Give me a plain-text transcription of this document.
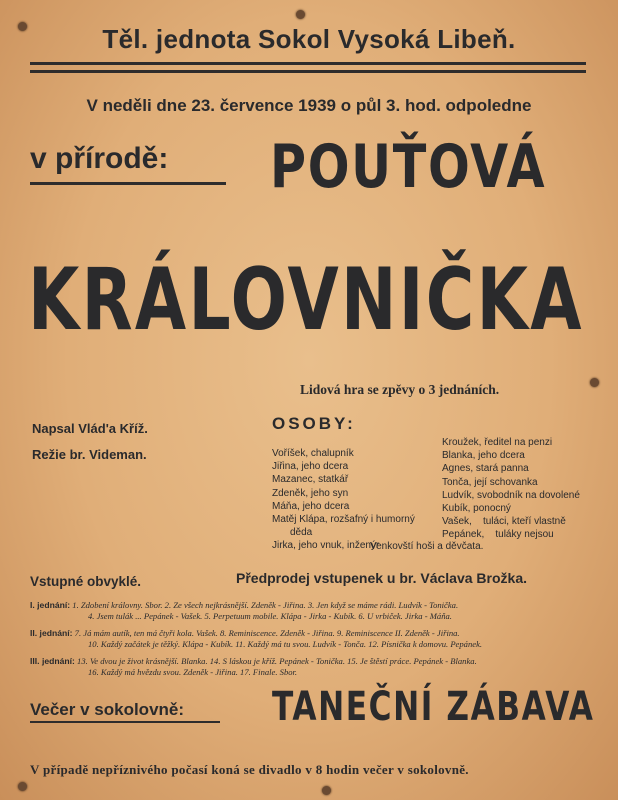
Těl. jednota Sokol Vysoká Libeň.
V neděli dne 23. července 1939 o půl 3. hod. odpoledne
v přírodě: POUŤOVÁ
KRÁLOVNIČKA
Lidová hra se zpěvy o 3 jednáních.
Napsal Vlád'a Kříž.
Režie br. Videman.
OSOBY:
Voříšek, chalupník
Jiřina, jeho dcera
Mazanec, statkář
Zdeněk, jeho syn
Máňa, jeho dcera
Matěj Klápa, rozšafný i humorný
děda
Jirka, jeho vnuk, inženýr
Kroužek, ředitel na penzi
Blanka, jeho dcera
Agnes, stará panna
Tonča, její schovanka
Ludvík, svobodník na dovolené
Kubík, ponocný
Vašek,    tuláci, kteří vlastně
Pepánek,    tuláky nejsou
Venkovští hoši a děvčata.
Vstupné obvyklé.	Předprodej vstupenek u br. Václava Brožka.
I. jednání: 1. Zdobení královny. Sbor. 2. Ze všech nejkrásnější. Zdeněk - Jiřina. 3. Jen když se máme rádi. Ludvík - Tonička.
4. Jsem tulák ... Pepánek - Vašek. 5. Perpetuum mobile. Klápa - Jirka - Kubík. 6. U vrbiček. Jirka - Máňa.
II. jednání: 7. Já mám autík, ten má čtyři kola. Vašek. 8. Reminiscence. Zdeněk - Jiřina. 9. Reminiscence II. Zdeněk - Jiřina.
10. Každý začátek je těžký. Klápa - Kubík. 11. Každý má tu svou. Ludvík - Tonča. 12. Písnička k domovu. Pepánek.
III. jednání: 13. Ve dvou je život krásnější. Blanka. 14. S láskou je kříž. Pepánek - Tonička. 15. Je štěstí práce. Pepánek - Blanka.
16. Každý má hvězdu svou. Zdeněk - Jiřina. 17. Finale. Sbor.
Večer v sokolovně: TANEČNÍ ZÁBAVA
V případě nepříznivého počasí koná se divadlo v 8 hodin večer v sokolovně.
